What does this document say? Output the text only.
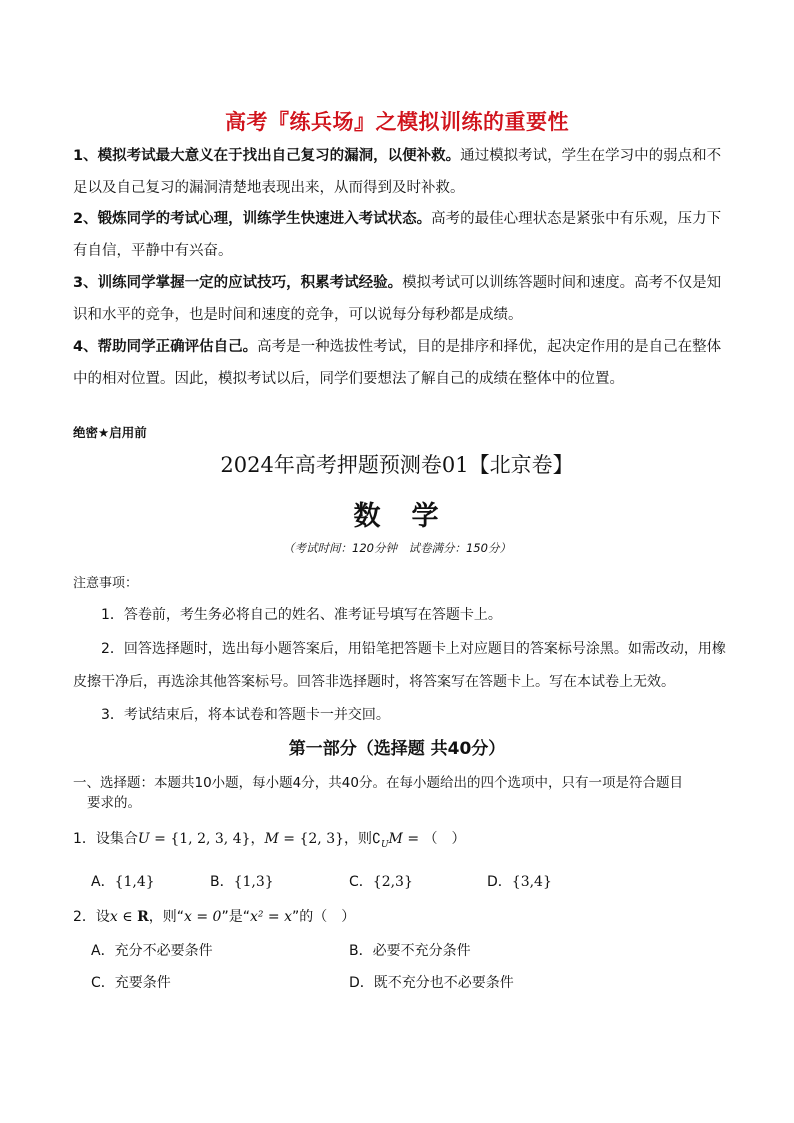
高考『练兵场』之模拟训练的重要性
1、模拟考试最大意义在于找出自己复习的漏洞，以便补救。通过模拟考试，学生在学习中的弱点和不足以及自己复习的漏洞清楚地表现出来，从而得到及时补救。
2、锻炼同学的考试心理，训练学生快速进入考试状态。高考的最佳心理状态是紧张中有乐观，压力下有自信，平静中有兴奋。
3、训练同学掌握一定的应试技巧，积累考试经验。模拟考试可以训练答题时间和速度。高考不仅是知识和水平的竞争，也是时间和速度的竞争，可以说每分每秒都是成绩。
4、帮助同学正确评估自己。高考是一种选拔性考试，目的是排序和择优，起决定作用的是自己在整体中的相对位置。因此，模拟考试以后，同学们要想法了解自己的成绩在整体中的位置。
绝密★启用前
2024年高考押题预测卷01【北京卷】
数　学
（考试时间：120分钟　试卷满分：150分）
注意事项：
1．答卷前，考生务必将自己的姓名、准考证号填写在答题卡上。
2．回答选择题时，选出每小题答案后，用铅笔把答题卡上对应题目的答案标号涂黑。如需改动，用橡皮擦干净后，再选涂其他答案标号。回答非选择题时，将答案写在答题卡上。写在本试卷上无效。
3．考试结束后，将本试卷和答题卡一并交回。
第一部分（选择题 共40分）
一、选择题：本题共10小题，每小题4分，共40分。在每小题给出的四个选项中，只有一项是符合题目
要求的。
1．设集合U = {1, 2, 3, 4}，M = {2, 3}，则$∁_UM$ = （　）
A．{1,4}	B．{1,3}	C．{2,3}	D．{3,4}
2．设x ∈ R，则“x = 0”是“x² = x”的（　）
A．充分不必要条件	B．必要不充分条件
C．充要条件	D．既不充分也不必要条件
